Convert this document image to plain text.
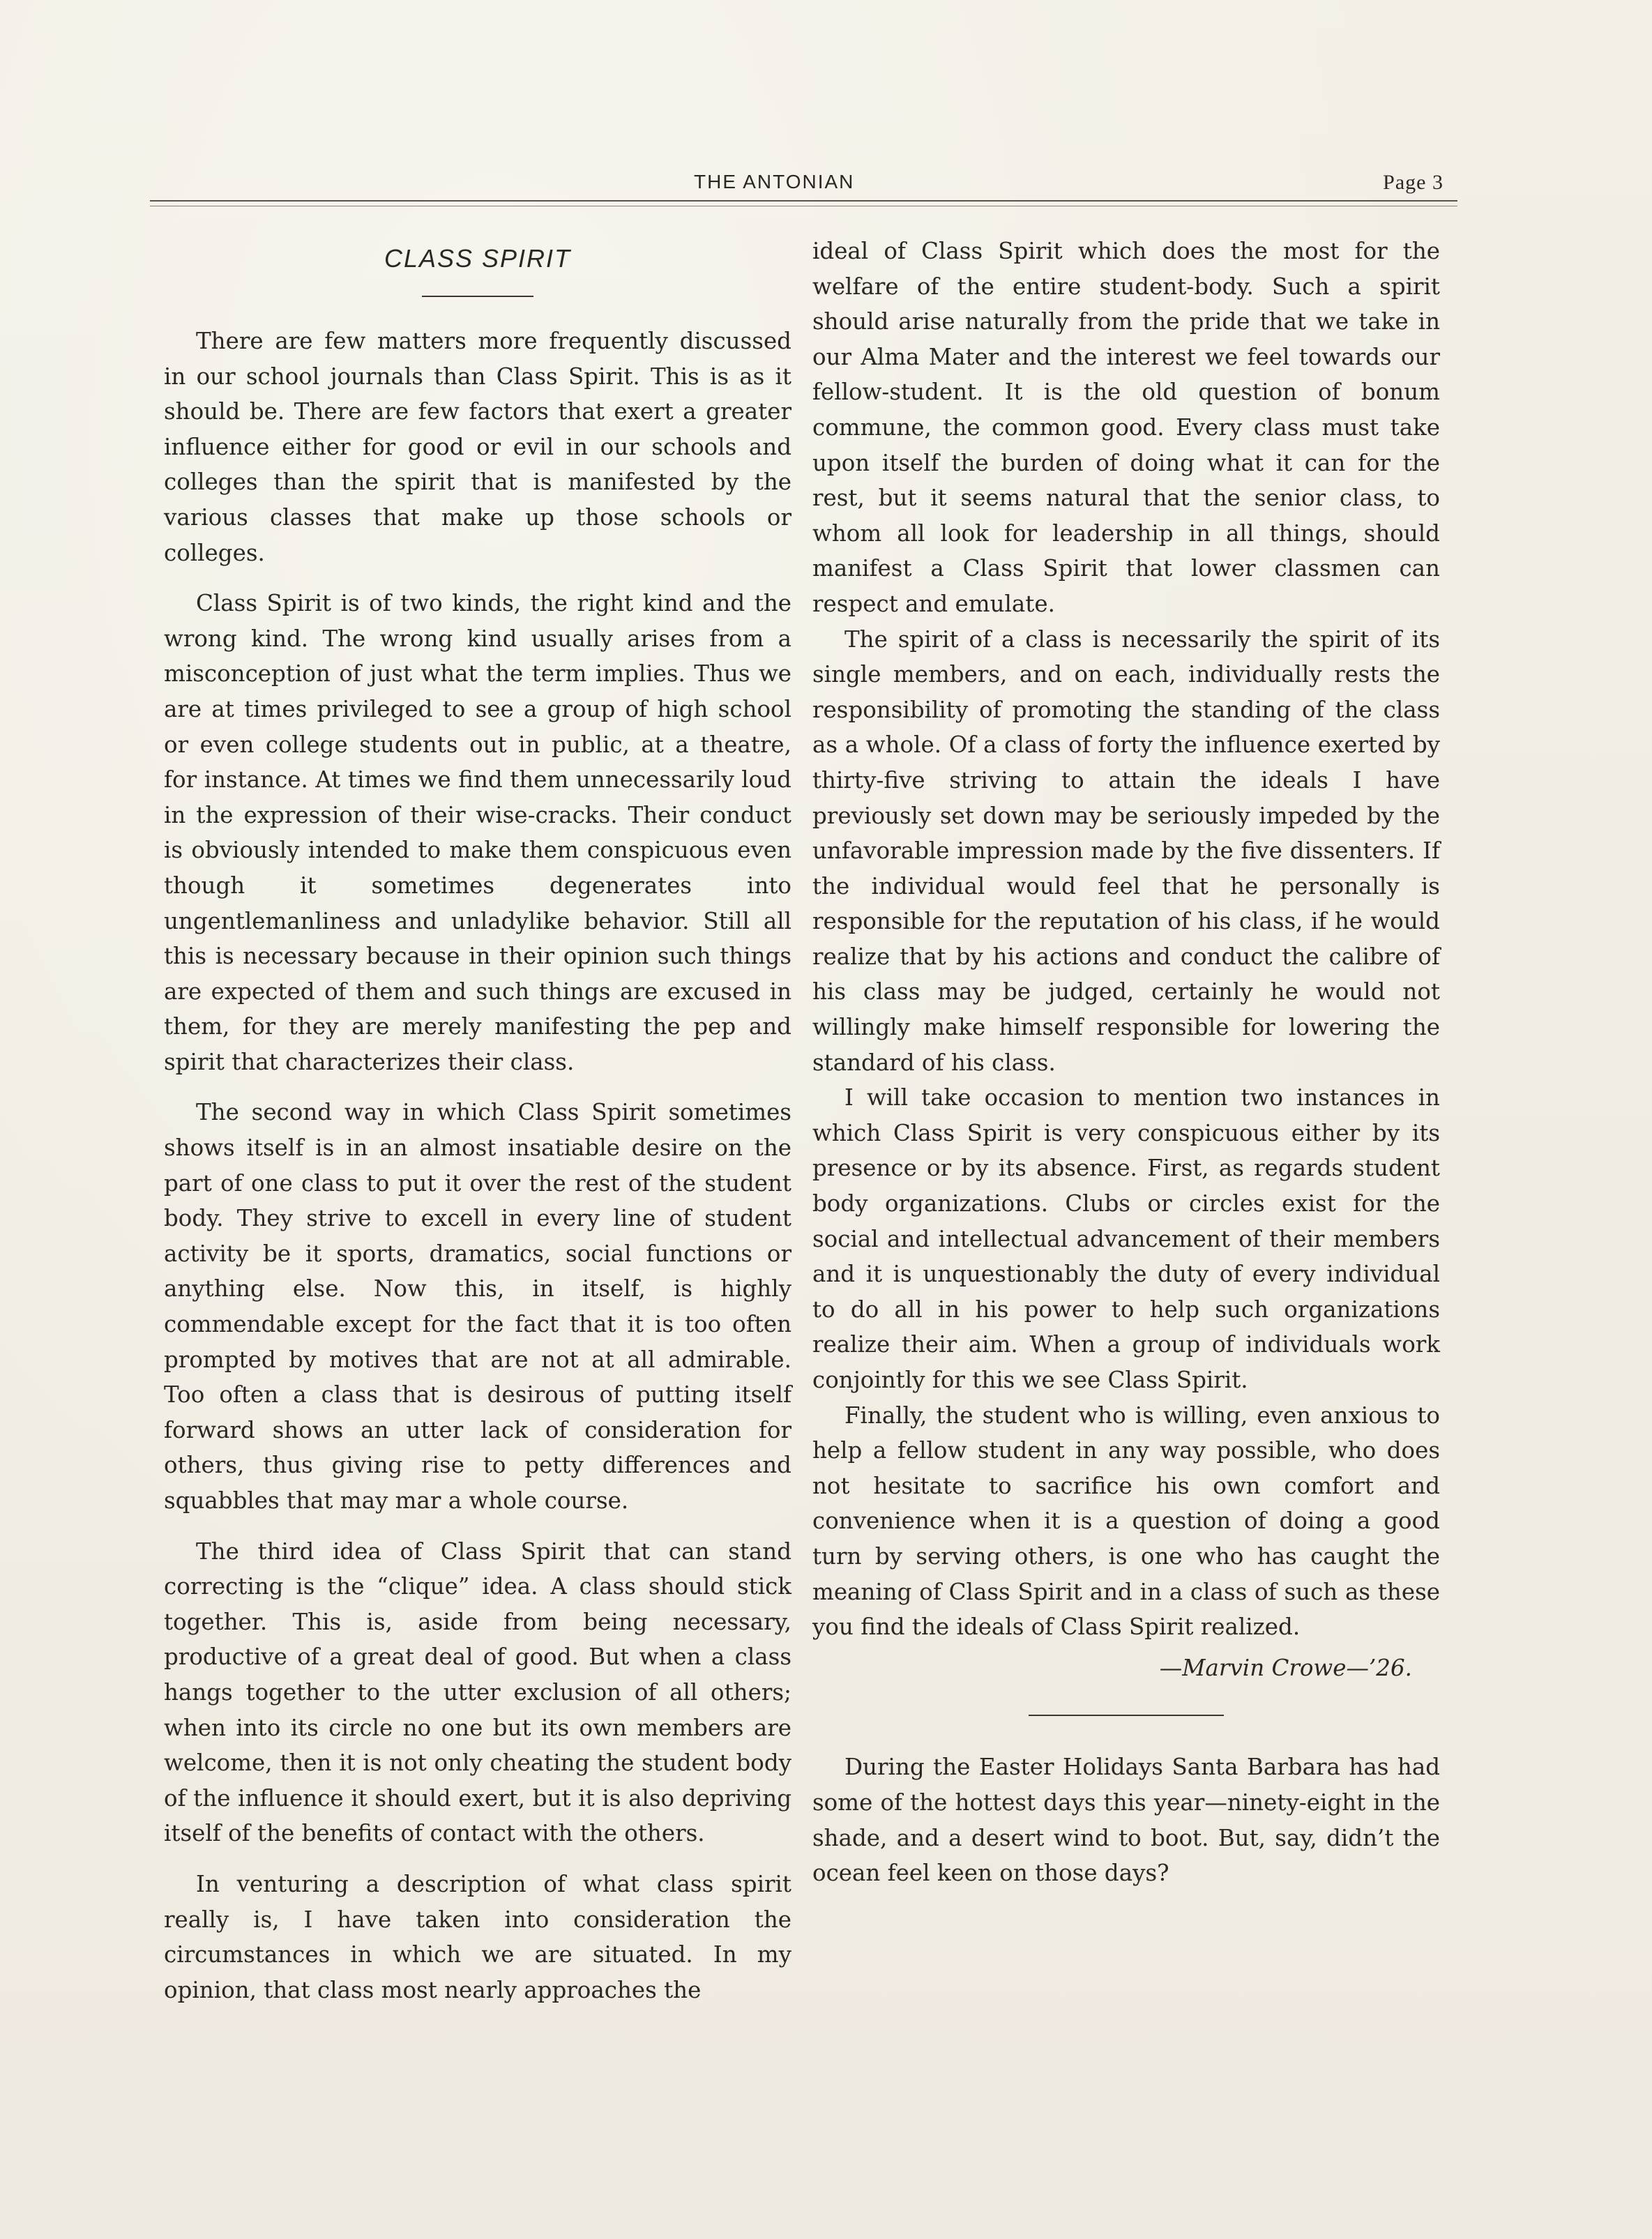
THE ANTONIAN	Page 3
CLASS SPIRIT

There are few matters more frequently discussed in our school journals than Class Spirit. This is as it should be. There are few factors that exert a greater influence either for good or evil in our schools and colleges than the spirit that is manifested by the various classes that make up those schools or colleges.

Class Spirit is of two kinds, the right kind and the wrong kind. The wrong kind usually arises from a misconception of just what the term implies. Thus we are at times privileged to see a group of high school or even college students out in public, at a theatre, for instance. At times we find them unnecessarily loud in the expression of their wise-cracks. Their conduct is obviously intended to make them conspicuous even though it sometimes degenerates into ungentlemanliness and unladylike behavior. Still all this is necessary because in their opinion such things are expected of them and such things are excused in them, for they are merely manifesting the pep and spirit that characterizes their class.

The second way in which Class Spirit sometimes shows itself is in an almost insatiable desire on the part of one class to put it over the rest of the student body. They strive to excell in every line of student activity be it sports, dramatics, social functions or anything else. Now this, in itself, is highly commendable except for the fact that it is too often prompted by motives that are not at all admirable. Too often a class that is desirous of putting itself forward shows an utter lack of consideration for others, thus giving rise to petty differences and squabbles that may mar a whole course.

The third idea of Class Spirit that can stand correcting is the “clique” idea. A class should stick together. This is, aside from being necessary, productive of a great deal of good. But when a class hangs together to the utter exclusion of all others; when into its circle no one but its own members are welcome, then it is not only cheating the student body of the influence it should exert, but it is also depriving itself of the benefits of contact with the others.

In venturing a description of what class spirit really is, I have taken into consideration the circumstances in which we are situated. In my opinion, that class most nearly approaches the

ideal of Class Spirit which does the most for the welfare of the entire student-body. Such a spirit should arise naturally from the pride that we take in our Alma Mater and the interest we feel towards our fellow-student. It is the old question of bonum commune, the common good. Every class must take upon itself the burden of doing what it can for the rest, but it seems natural that the senior class, to whom all look for leadership in all things, should manifest a Class Spirit that lower classmen can respect and emulate.

The spirit of a class is necessarily the spirit of its single members, and on each, individually rests the responsibility of promoting the standing of the class as a whole. Of a class of forty the influence exerted by thirty-five striving to attain the ideals I have previously set down may be seriously impeded by the unfavorable impression made by the five dissenters. If the individual would feel that he personally is responsible for the reputation of his class, if he would realize that by his actions and conduct the calibre of his class may be judged, certainly he would not willingly make himself responsible for lowering the standard of his class.

I will take occasion to mention two instances in which Class Spirit is very conspicuous either by its presence or by its absence. First, as regards student body organizations. Clubs or circles exist for the social and intellectual advancement of their members and it is unquestionably the duty of every individual to do all in his power to help such organizations realize their aim. When a group of individuals work conjointly for this we see Class Spirit.

Finally, the student who is willing, even anxious to help a fellow student in any way possible, who does not hesitate to sacrifice his own comfort and convenience when it is a question of doing a good turn by serving others, is one who has caught the meaning of Class Spirit and in a class of such as these you find the ideals of Class Spirit realized.

—Marvin Crowe—’26.

During the Easter Holidays Santa Barbara has had some of the hottest days this year—ninety-eight in the shade, and a desert wind to boot. But, say, didn’t the ocean feel keen on those days?
